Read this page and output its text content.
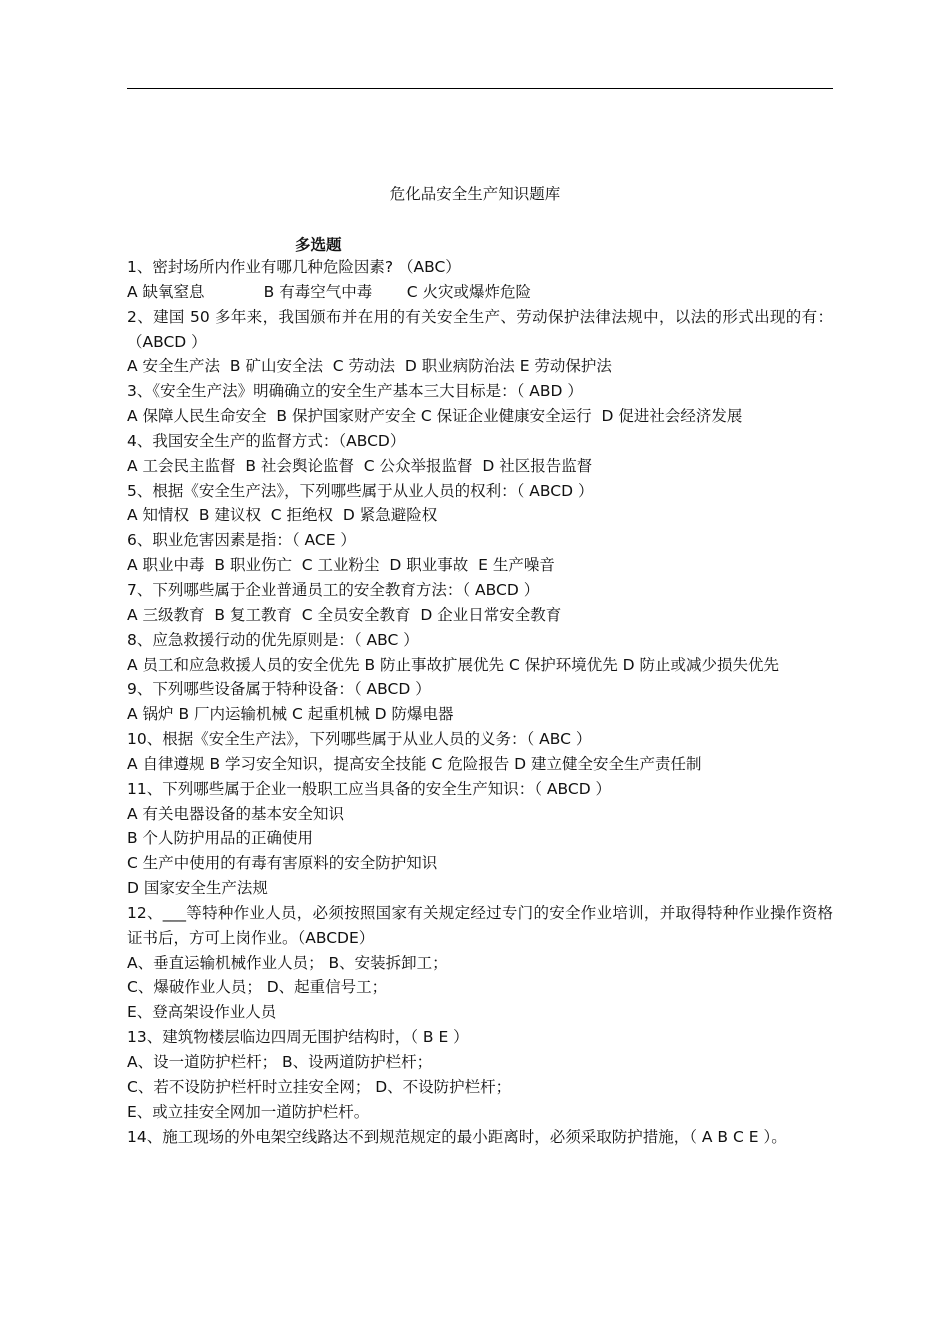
危化品安全生产知识题库
多选题
1、密封场所内作业有哪几种危险因素? （ABC）
A 缺氧窒息            B 有毒空气中毒       C 火灾或爆炸危险
2、建国 50 多年来，我国颁布并在用的有关安全生产、劳动保护法律法规中，以法的形式出现的有：（ABCD ）
A 安全生产法  B 矿山安全法  C 劳动法  D 职业病防治法 E 劳动保护法
3、《安全生产法》明确确立的安全生产基本三大目标是：（ ABD ）
A 保障人民生命安全  B 保护国家财产安全 C 保证企业健康安全运行  D 促进社会经济发展
4、我国安全生产的监督方式：（ABCD）
A 工会民主监督  B 社会舆论监督  C 公众举报监督  D 社区报告监督
5、根据《安全生产法》，下列哪些属于从业人员的权利：（ ABCD ）
A 知情权  B 建议权  C 拒绝权  D 紧急避险权
6、职业危害因素是指：（ ACE ）
A 职业中毒  B 职业伤亡  C 工业粉尘  D 职业事故  E 生产噪音
7、下列哪些属于企业普通员工的安全教育方法：（ ABCD ）
A 三级教育  B 复工教育  C 全员安全教育  D 企业日常安全教育
8、应急救援行动的优先原则是：（ ABC ）
A 员工和应急救援人员的安全优先 B 防止事故扩展优先 C 保护环境优先 D 防止或减少损失优先
9、下列哪些设备属于特种设备：（ ABCD ）
A 锅炉 B 厂内运输机械 C 起重机械 D 防爆电器
10、根据《安全生产法》，下列哪些属于从业人员的义务：（ ABC ）
A 自律遵规 B 学习安全知识，提高安全技能 C 危险报告 D 建立健全安全生产责任制
11、下列哪些属于企业一般职工应当具备的安全生产知识：（ ABCD ）
A 有关电器设备的基本安全知识
B 个人防护用品的正确使用
C 生产中使用的有毒有害原料的安全防护知识
D 国家安全生产法规
12、___等特种作业人员，必须按照国家有关规定经过专门的安全作业培训，并取得特种作业操作资格证书后，方可上岗作业。（ABCDE）
A、垂直运输机械作业人员； B、安装拆卸工；
C、爆破作业人员； D、起重信号工；
E、登高架设作业人员
13、建筑物楼层临边四周无围护结构时，（ B E ）
A、设一道防护栏杆； B、设两道防护栏杆；
C、若不设防护栏杆时立挂安全网； D、不设防护栏杆；
E、或立挂安全网加一道防护栏杆。
14、施工现场的外电架空线路达不到规范规定的最小距离时，必须采取防护措施，（ A B C E ）。
